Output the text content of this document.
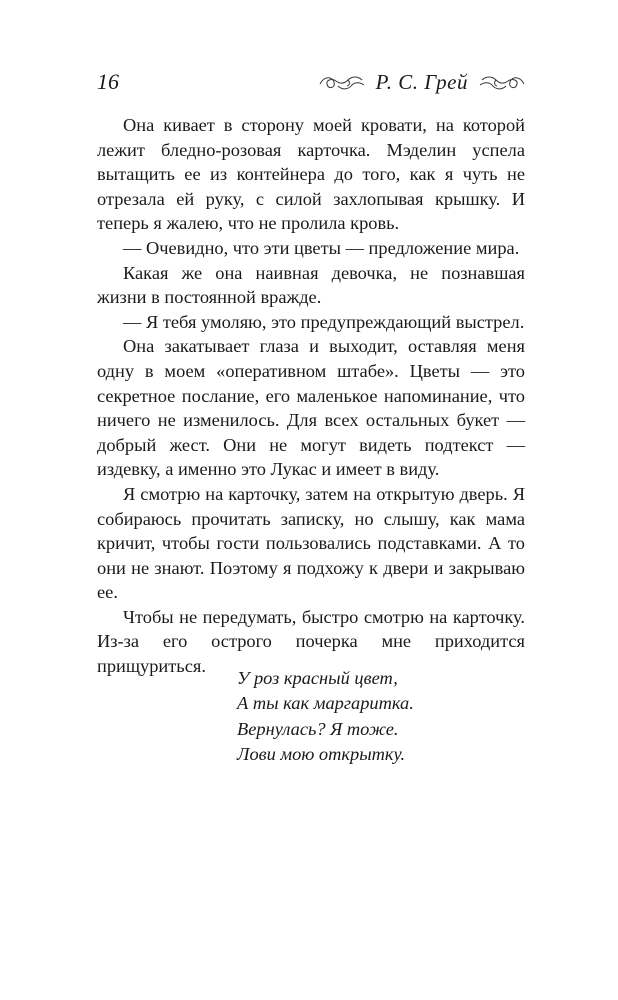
16	Р. С. Грей

Она кивает в сторону моей кровати, на которой лежит бледно-розовая карточка. Мэделин успела вытащить ее из контейнера до того, как я чуть не отрезала ей руку, с силой захлопывая крышку. И теперь я жалею, что не пролила кровь.

— Очевидно, что эти цветы — предложение мира.

Какая же она наивная девочка, не познавшая жизни в постоянной вражде.

— Я тебя умоляю, это предупреждающий выстрел.

Она закатывает глаза и выходит, оставляя меня одну в моем «оперативном штабе». Цветы — это секретное послание, его маленькое напоминание, что ничего не изменилось. Для всех остальных букет — добрый жест. Они не могут видеть подтекст — издевку, а именно это Лукас и имеет в виду.

Я смотрю на карточку, затем на открытую дверь. Я собираюсь прочитать записку, но слышу, как мама кричит, чтобы гости пользовались подставками. А то они не знают. Поэтому я подхожу к двери и закрываю ее.

Чтобы не передумать, быстро смотрю на карточку. Из-за его острого почерка мне приходится прищуриться.

У роз красный цвет,
А ты как маргаритка.
Вернулась? Я тоже.
Лови мою открытку.
